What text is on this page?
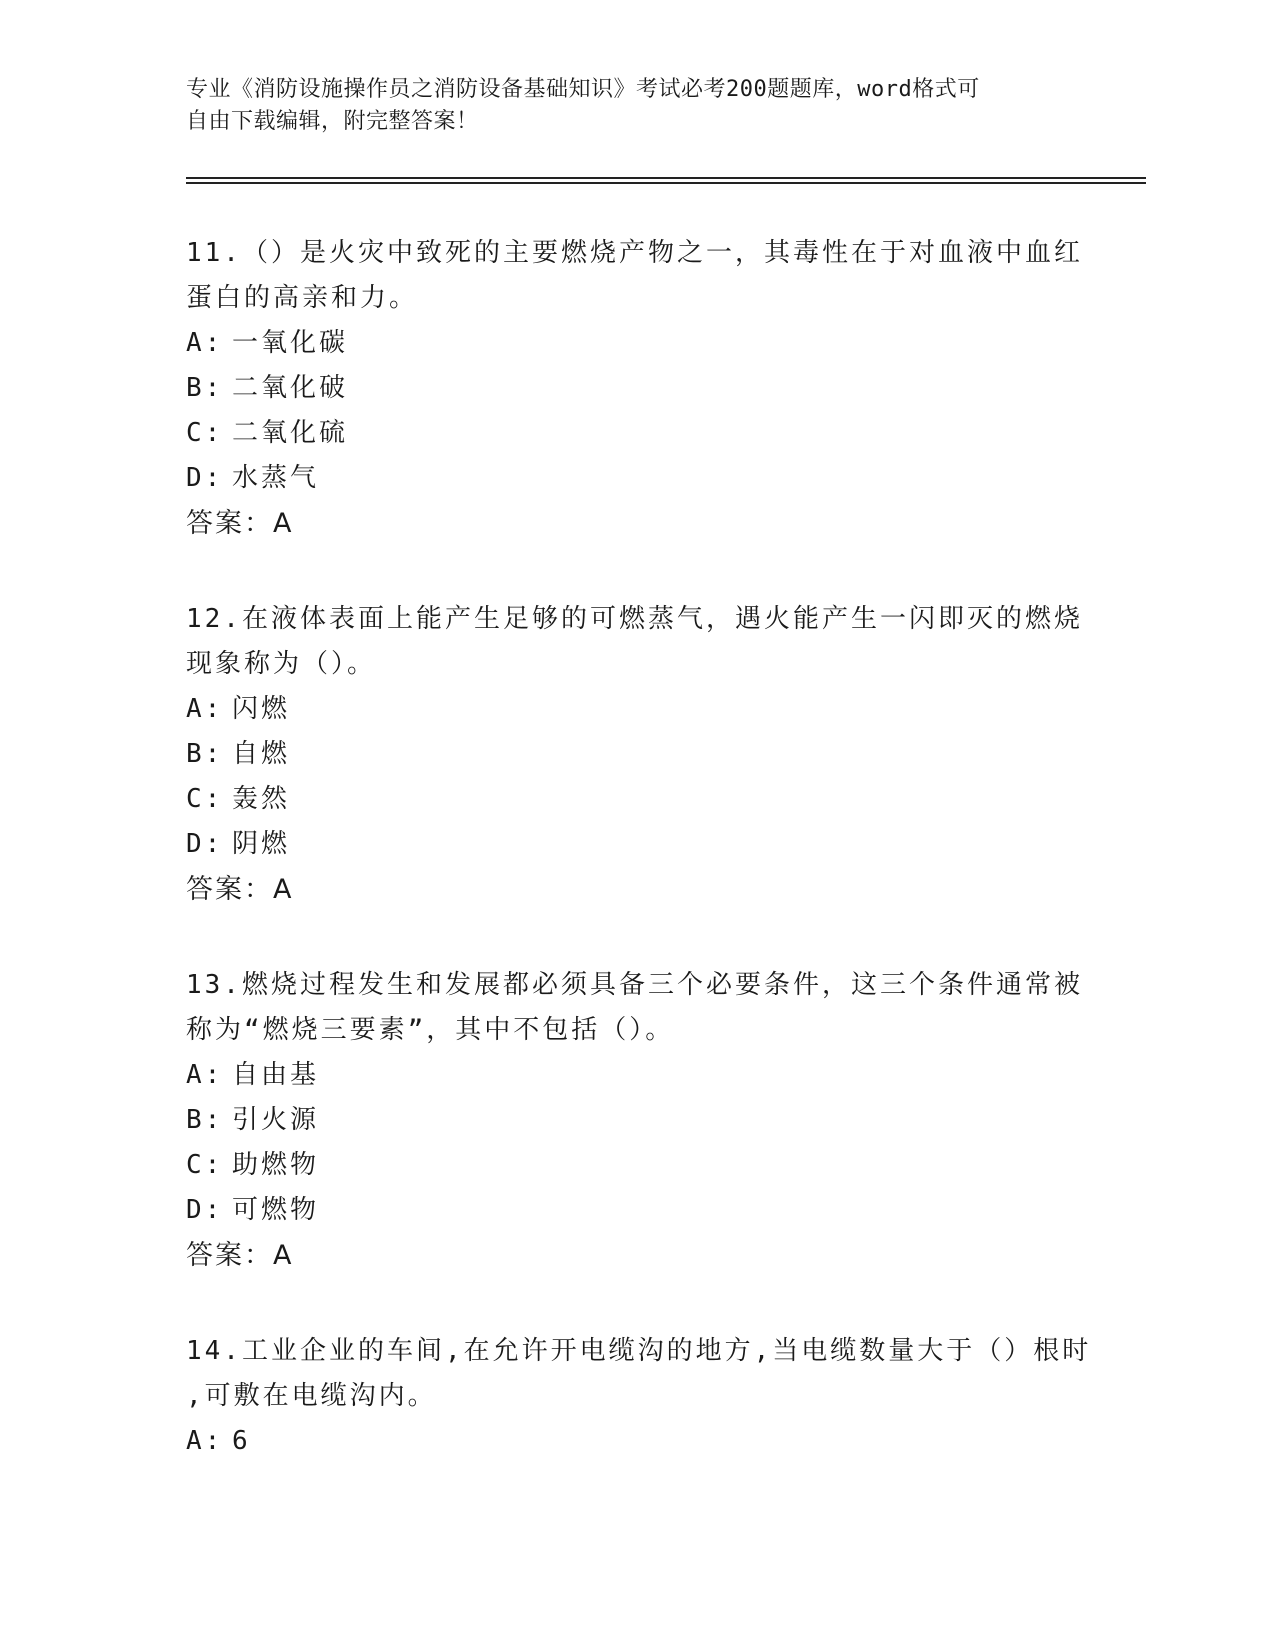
专业《消防设施操作员之消防设备基础知识》考试必考200题题库，word格式可
自由下载编辑，附完整答案！
11.（）是火灾中致死的主要燃烧产物之一，其毒性在于对血液中血红
蛋白的高亲和力。
A: 一氧化碳
B: 二氧化破
C: 二氧化硫
D: 水蒸气
答案：A
12.在液体表面上能产生足够的可燃蒸气，遇火能产生一闪即灭的燃烧
现象称为（）。
A: 闪燃
B: 自燃
C: 轰然
D: 阴燃
答案：A
13.燃烧过程发生和发展都必须具备三个必要条件，这三个条件通常被
称为“燃烧三要素”，其中不包括（）。
A: 自由基
B: 引火源
C: 助燃物
D: 可燃物
答案：A
14.工业企业的车间,在允许开电缆沟的地方,当电缆数量大于（）根时
,可敷在电缆沟内。
A: 6
